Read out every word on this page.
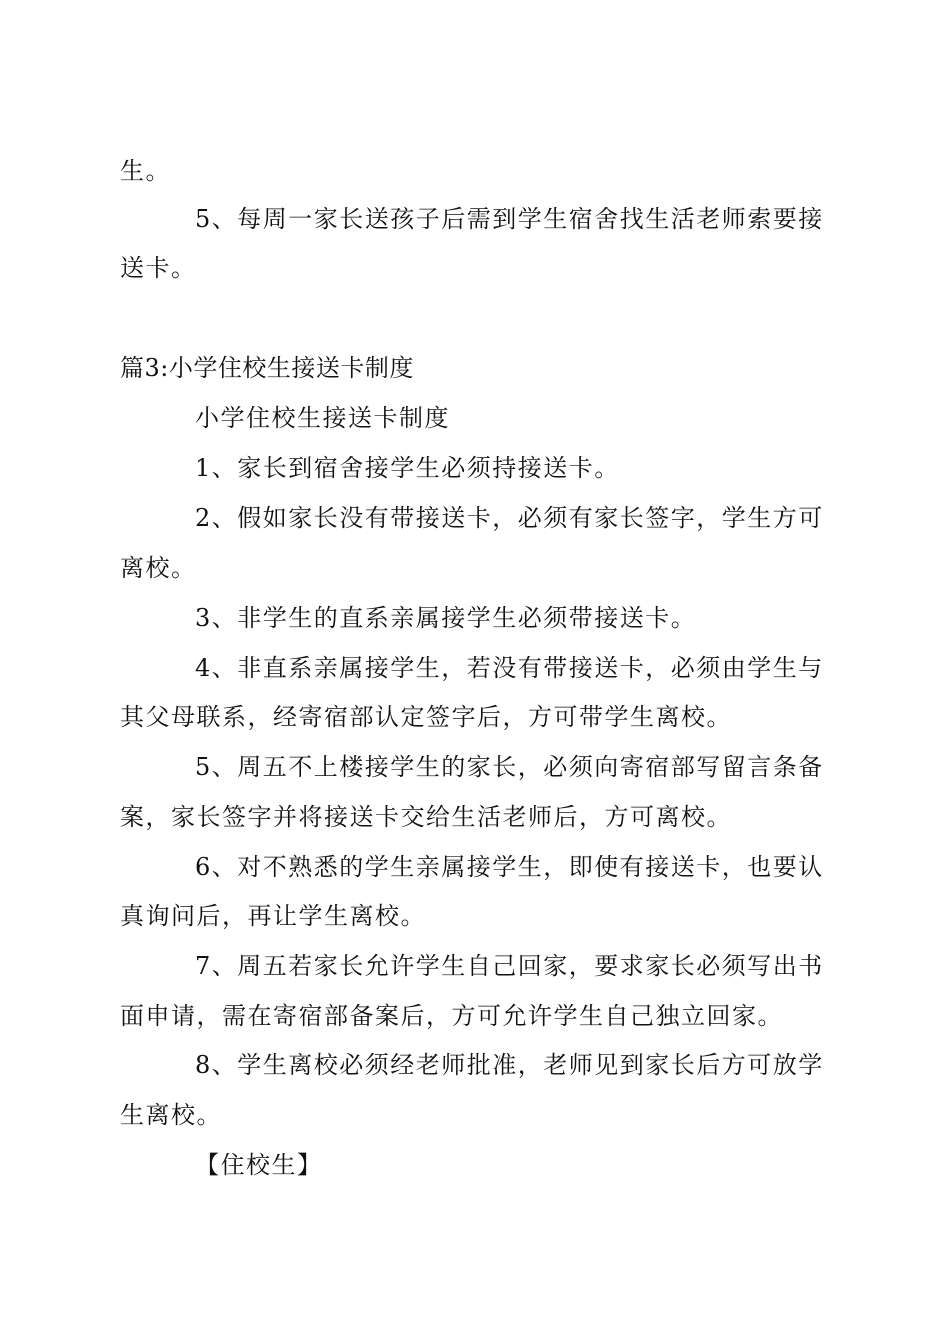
生。
5、每周一家长送孩子后需到学生宿舍找生活老师索要接
送卡。
篇3:小学住校生接送卡制度
小学住校生接送卡制度
1、家长到宿舍接学生必须持接送卡。
2、假如家长没有带接送卡，必须有家长签字，学生方可
离校。
3、非学生的直系亲属接学生必须带接送卡。
4、非直系亲属接学生，若没有带接送卡，必须由学生与
其父母联系，经寄宿部认定签字后，方可带学生离校。
5、周五不上楼接学生的家长，必须向寄宿部写留言条备
案，家长签字并将接送卡交给生活老师后，方可离校。
6、对不熟悉的学生亲属接学生，即使有接送卡，也要认
真询问后，再让学生离校。
7、周五若家长允许学生自己回家，要求家长必须写出书
面申请，需在寄宿部备案后，方可允许学生自己独立回家。
8、学生离校必须经老师批准，老师见到家长后方可放学
生离校。
【住校生】
